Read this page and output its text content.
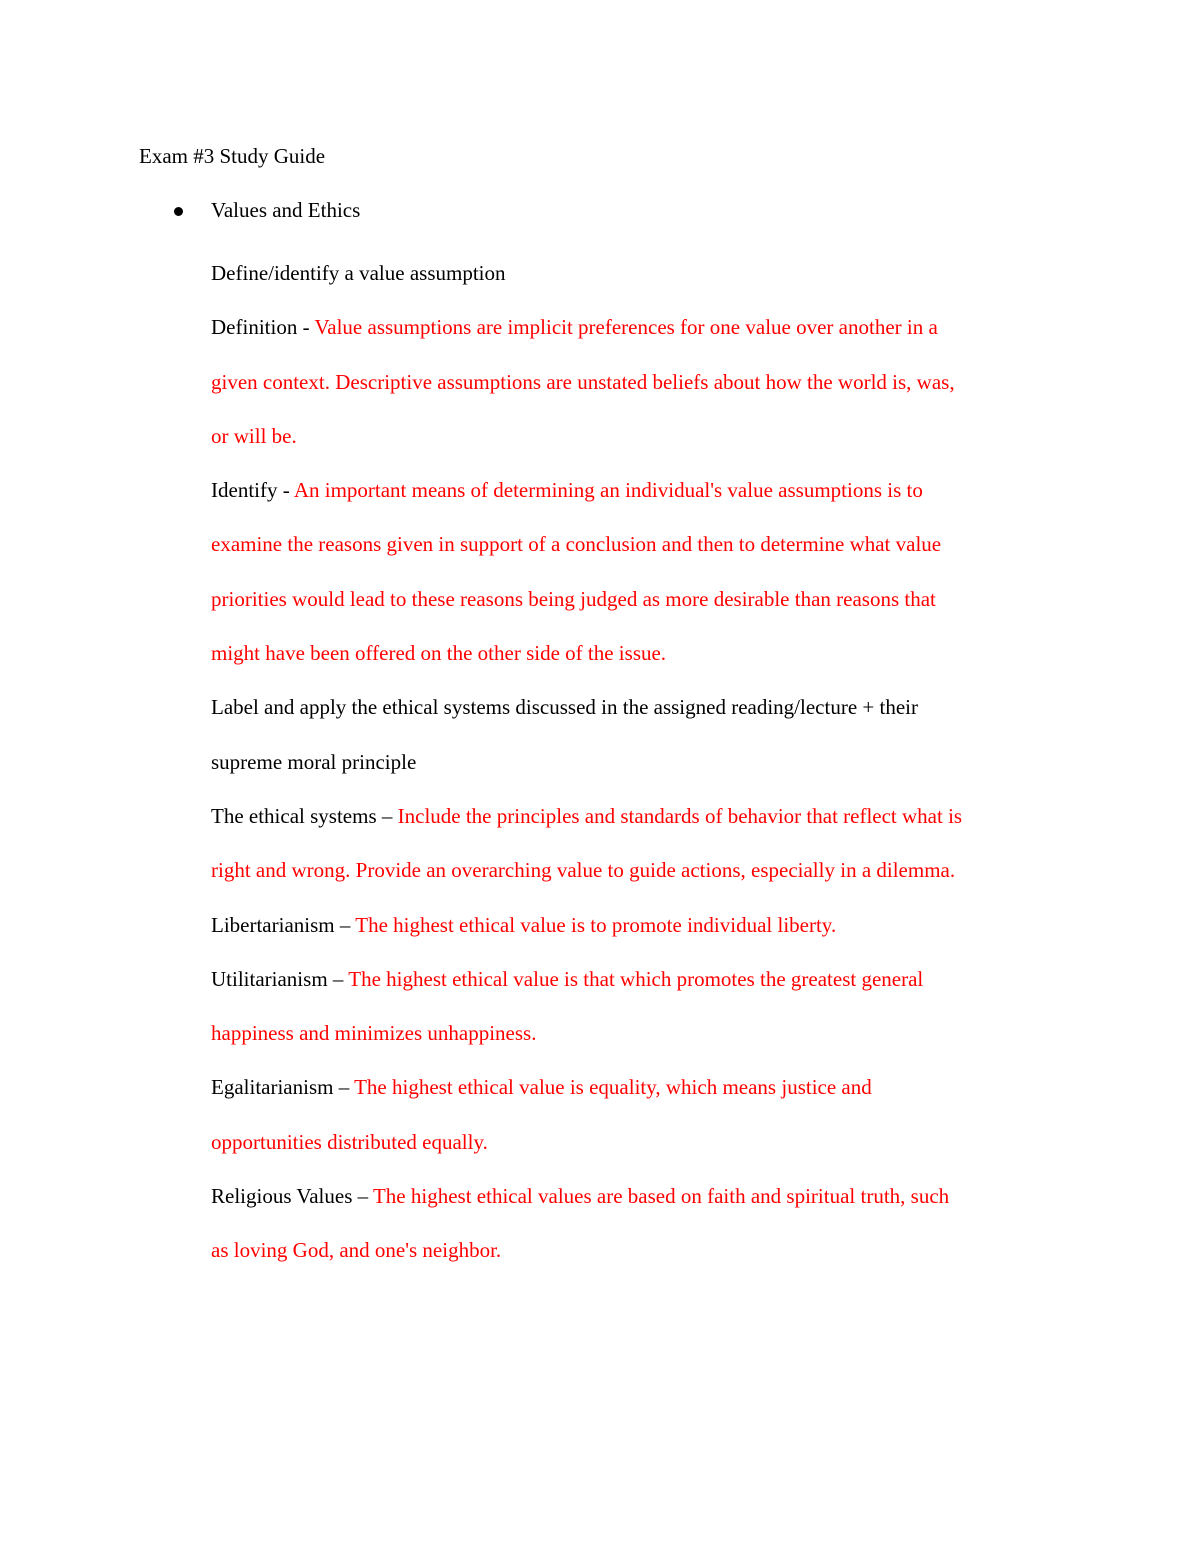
Exam #3 Study Guide
Values and Ethics
Define/identify a value assumption
Definition - Value assumptions are implicit preferences for one value over another in a
given context. Descriptive assumptions are unstated beliefs about how the world is, was,
or will be.
Identify - An important means of determining an individual's value assumptions is to
examine the reasons given in support of a conclusion and then to determine what value
priorities would lead to these reasons being judged as more desirable than reasons that
might have been offered on the other side of the issue.
Label and apply the ethical systems discussed in the assigned reading/lecture + their
supreme moral principle
The ethical systems – Include the principles and standards of behavior that reflect what is
right and wrong. Provide an overarching value to guide actions, especially in a dilemma.
Libertarianism – The highest ethical value is to promote individual liberty.
Utilitarianism – The highest ethical value is that which promotes the greatest general
happiness and minimizes unhappiness.
Egalitarianism – The highest ethical value is equality, which means justice and
opportunities distributed equally.
Religious Values – The highest ethical values are based on faith and spiritual truth, such
as loving God, and one's neighbor.
